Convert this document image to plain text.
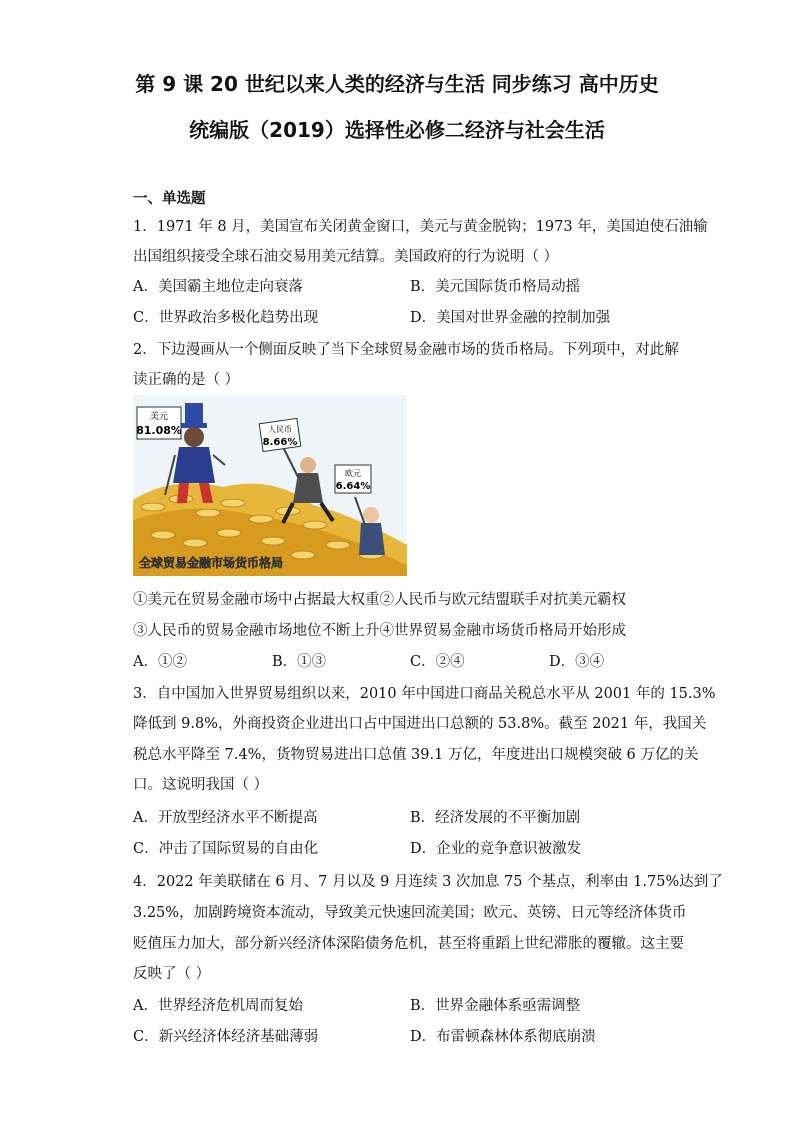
第 9 课 20 世纪以来人类的经济与生活 同步练习 高中历史
统编版（2019）选择性必修二经济与社会生活
一、单选题
1．1971 年 8 月，美国宣布关闭黄金窗口，美元与黄金脱钩；1973 年，美国迫使石油输
出国组织接受全球石油交易用美元结算。美国政府的行为说明（ ）
A．美国霸主地位走向衰落	B．美元国际货币格局动摇
C．世界政治多极化趋势出现	D．美国对世界金融的控制加强
2．下边漫画从一个侧面反映了当下全球贸易金融市场的货币格局。下列项中，对此解
读正确的是（ ）
美元
81.08%	人民币
8.66%
欧元
6.64%
全球贸易金融市场货币格局
①美元在贸易金融市场中占据最大权重②人民币与欧元结盟联手对抗美元霸权
③人民币的贸易金融市场地位不断上升④世界贸易金融市场货币格局开始形成
A．①②	B．①③	C．②④	D．③④
3．自中国加入世界贸易组织以来，2010 年中国进口商品关税总水平从 2001 年的 15.3%
降低到 9.8%，外商投资企业进出口占中国进出口总额的 53.8%。截至 2021 年，我国关
税总水平降至 7.4%，货物贸易进出口总值 39.1 万亿，年度进出口规模突破 6 万亿的关
口。这说明我国（ ）
A．开放型经济水平不断提高	B．经济发展的不平衡加剧
C．冲击了国际贸易的自由化	D．企业的竞争意识被激发
4．2022 年美联储在 6 月、7 月以及 9 月连续 3 次加息 75 个基点，利率由 1.75%达到了
3.25%，加剧跨境资本流动，导致美元快速回流美国；欧元、英镑、日元等经济体货币
贬值压力加大，部分新兴经济体深陷债务危机，甚至将重蹈上世纪滞胀的覆辙。这主要
反映了（ ）
A．世界经济危机周而复始	B．世界金融体系亟需调整
C．新兴经济体经济基础薄弱	D．布雷顿森林体系彻底崩溃
